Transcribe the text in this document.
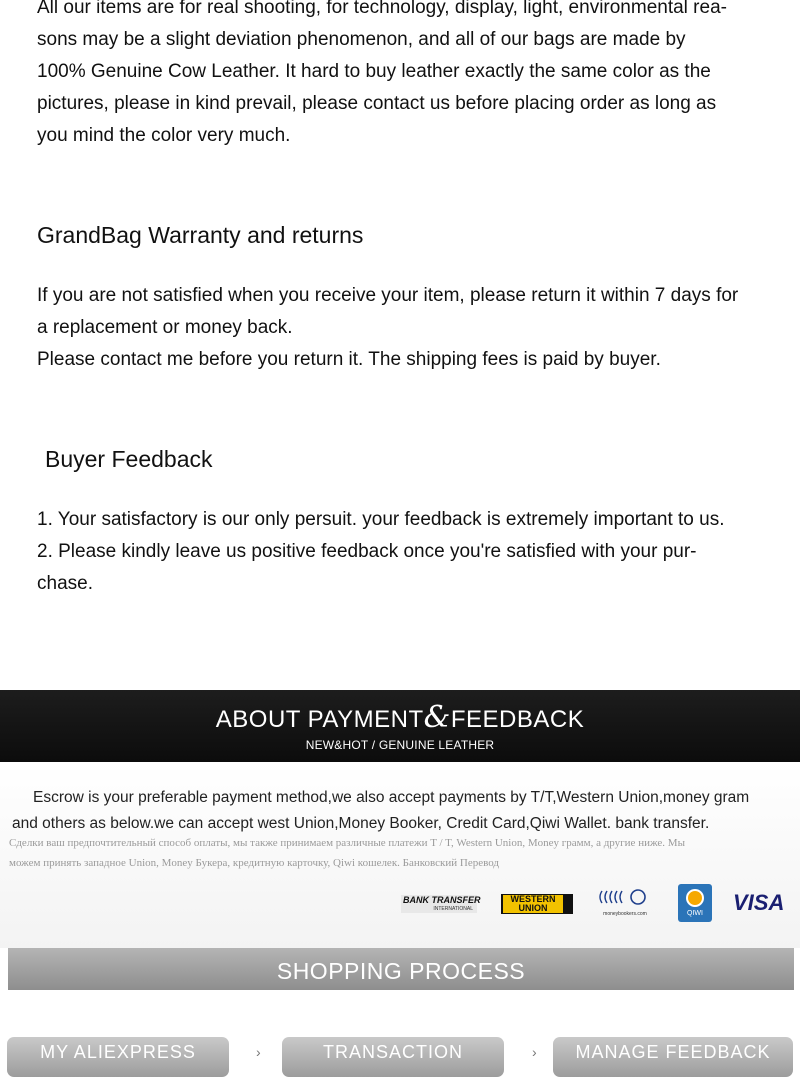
All our items are for real shooting, for technology, display, light, environmental rea-
sons may be a slight deviation phenomenon, and all of our bags are made by
100% Genuine Cow Leather. It hard to buy leather exactly the same color as the
pictures, please in kind prevail, please contact us before placing order as long as
you mind the color very much.
GrandBag Warranty and returns
If you are not satisfied when you receive your item, please return it within 7 days for
a replacement or money back.
Please contact me before you return it. The shipping fees is paid by buyer.
Buyer Feedback
1. Your satisfactory is our only persuit. your feedback is extremely important to us.
2. Please kindly leave us positive feedback once you're satisfied with your pur-
chase.
ABOUT PAYMENT&FEEDBACK
NEW&HOT / GENUINE LEATHER
Escrow is your preferable payment method,we also accept payments by T/T,Western Union,money gram
and others as below.we can accept west Union,Money Booker, Credit Card,Qiwi Wallet. bank transfer.
Сделки ваш предпочтительный способ оплаты, мы также принимаем различные платежи T / T, Western Union, Money грамм, а другие ниже. Мы
можем принять западное Union, Money Букера, кредитную карточку, Qiwi кошелек. Банковский Перевод
BANK TRANSFER
INTERNATIONAL
WESTERN
UNION
moneybookers.com	QIWI	VISA
SHOPPING PROCESS
MY ALIEXPRESS	›	TRANSACTION	›	MANAGE FEEDBACK
